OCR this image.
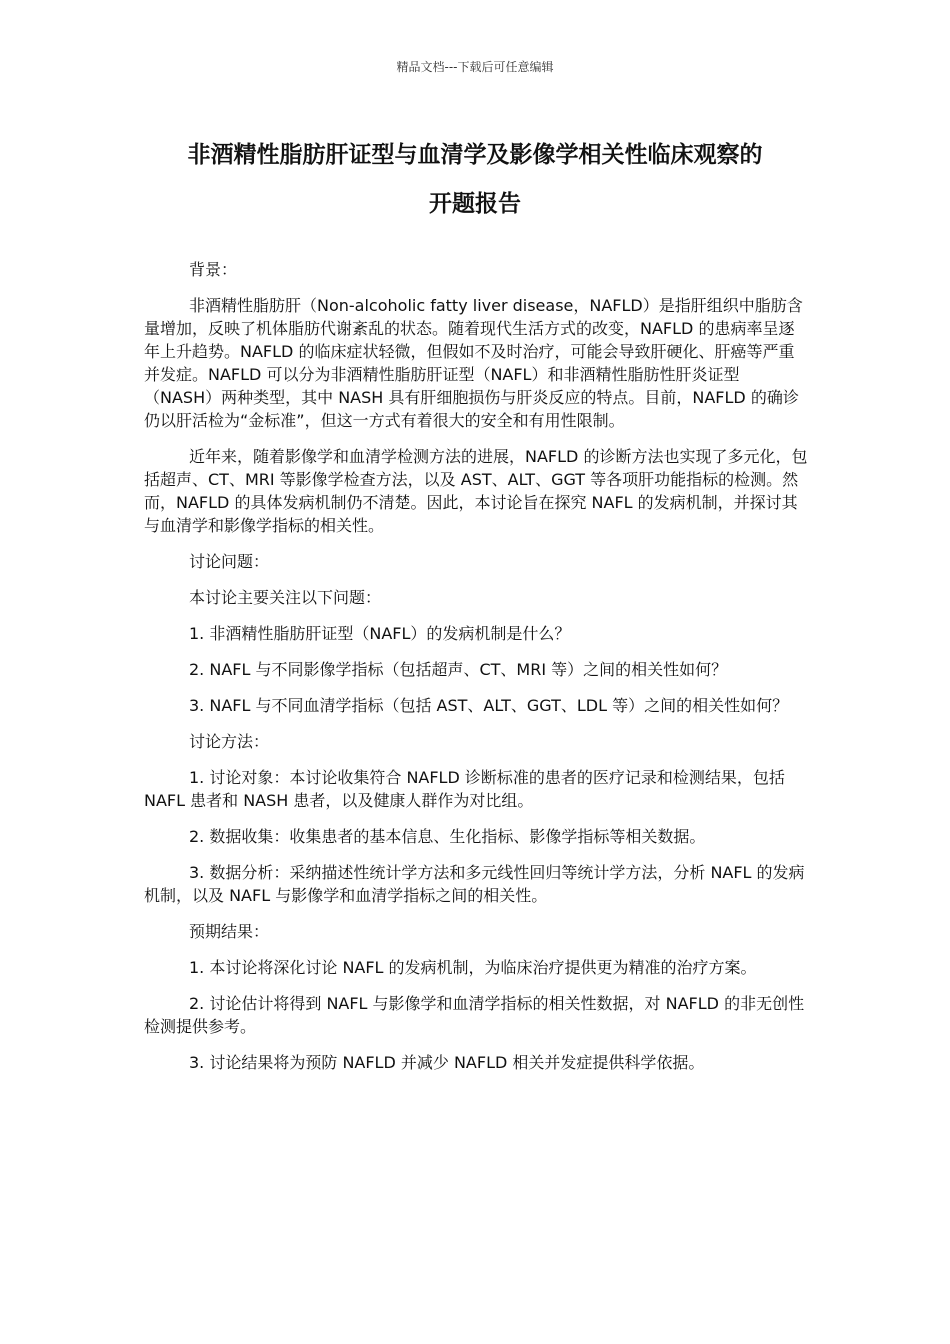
精品文档---下载后可任意编辑
非酒精性脂肪肝证型与血清学及影像学相关性临床观察的
开题报告

背景：

非酒精性脂肪肝（Non-alcoholic fatty liver disease，NAFLD）是指肝组织中脂肪含量增加，反映了机体脂肪代谢紊乱的状态。随着现代生活方式的改变，NAFLD 的患病率呈逐年上升趋势。NAFLD 的临床症状轻微，但假如不及时治疗，可能会导致肝硬化、肝癌等严重并发症。NAFLD 可以分为非酒精性脂肪肝证型（NAFL）和非酒精性脂肪性肝炎证型（NASH）两种类型，其中 NASH 具有肝细胞损伤与肝炎反应的特点。目前，NAFLD 的确诊仍以肝活检为“金标准”，但这一方式有着很大的安全和有用性限制。

近年来，随着影像学和血清学检测方法的进展，NAFLD 的诊断方法也实现了多元化，包括超声、CT、MRI 等影像学检查方法，以及 AST、ALT、GGT 等各项肝功能指标的检测。然而，NAFLD 的具体发病机制仍不清楚。因此，本讨论旨在探究 NAFL 的发病机制，并探讨其与血清学和影像学指标的相关性。

讨论问题：

本讨论主要关注以下问题：

1. 非酒精性脂肪肝证型（NAFL）的发病机制是什么？

2. NAFL 与不同影像学指标（包括超声、CT、MRI 等）之间的相关性如何？

3. NAFL 与不同血清学指标（包括 AST、ALT、GGT、LDL 等）之间的相关性如何？

讨论方法：

1. 讨论对象：本讨论收集符合 NAFLD 诊断标准的患者的医疗记录和检测结果，包括 NAFL 患者和 NASH 患者，以及健康人群作为对比组。

2. 数据收集：收集患者的基本信息、生化指标、影像学指标等相关数据。

3. 数据分析：采纳描述性统计学方法和多元线性回归等统计学方法，分析 NAFL 的发病机制，以及 NAFL 与影像学和血清学指标之间的相关性。

预期结果：

1. 本讨论将深化讨论 NAFL 的发病机制，为临床治疗提供更为精准的治疗方案。

2. 讨论估计将得到 NAFL 与影像学和血清学指标的相关性数据，对 NAFLD 的非无创性检测提供参考。

3. 讨论结果将为预防 NAFLD 并减少 NAFLD 相关并发症提供科学依据。
